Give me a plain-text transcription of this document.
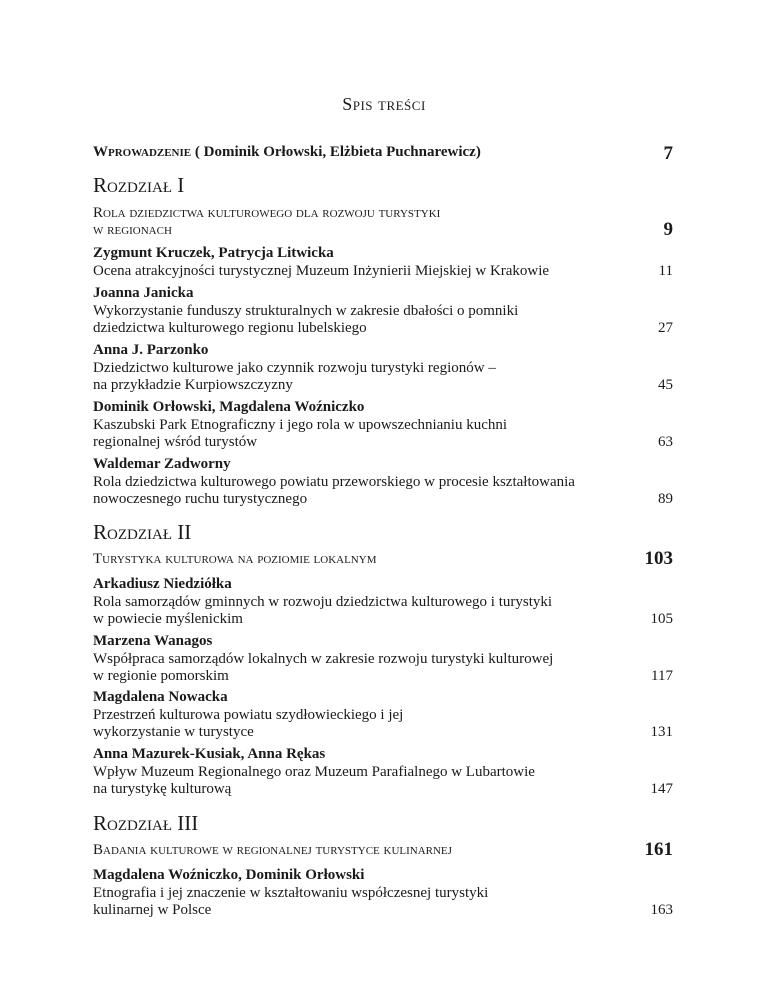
Spis treści
Wprowadzenie ( Dominik Orłowski, Elżbieta Puchnarewicz)	7
Rozdział I
Rola dziedzictwa kulturowego dla rozwoju turystyki
w regionach	9
Zygmunt Kruczek, Patrycja Litwicka
Ocena atrakcyjności turystycznej Muzeum Inżynierii Miejskiej w Krakowie	11
Joanna Janicka
Wykorzystanie funduszy strukturalnych w zakresie dbałości o pomniki
dziedzictwa kulturowego regionu lubelskiego	27
Anna J. Parzonko
Dziedzictwo kulturowe jako czynnik rozwoju turystyki regionów –
na przykładzie Kurpiowszczyzny	45
Dominik Orłowski, Magdalena Woźniczko
Kaszubski Park Etnograficzny i jego rola w upowszechnianiu kuchni
regionalnej wśród turystów	63
Waldemar Zadworny
Rola dziedzictwa kulturowego powiatu przeworskiego w procesie kształtowania
nowoczesnego ruchu turystycznego	89
Rozdział II
Turystyka kulturowa na poziomie lokalnym	103
Arkadiusz Niedziółka
Rola samorządów gminnych w rozwoju dziedzictwa kulturowego i turystyki
w powiecie myślenickim	105
Marzena Wanagos
Współpraca samorządów lokalnych w zakresie rozwoju turystyki kulturowej
w regionie pomorskim	117
Magdalena Nowacka
Przestrzeń kulturowa powiatu szydłowieckiego i jej
wykorzystanie w turystyce	131
Anna Mazurek-Kusiak, Anna Rękas
Wpływ Muzeum Regionalnego oraz Muzeum Parafialnego w Lubartowie
na turystykę kulturową	147
Rozdział III
Badania kulturowe w regionalnej turystyce kulinarnej	161
Magdalena Woźniczko, Dominik Orłowski
Etnografia i jej znaczenie w kształtowaniu współczesnej turystyki
kulinarnej w Polsce	163
